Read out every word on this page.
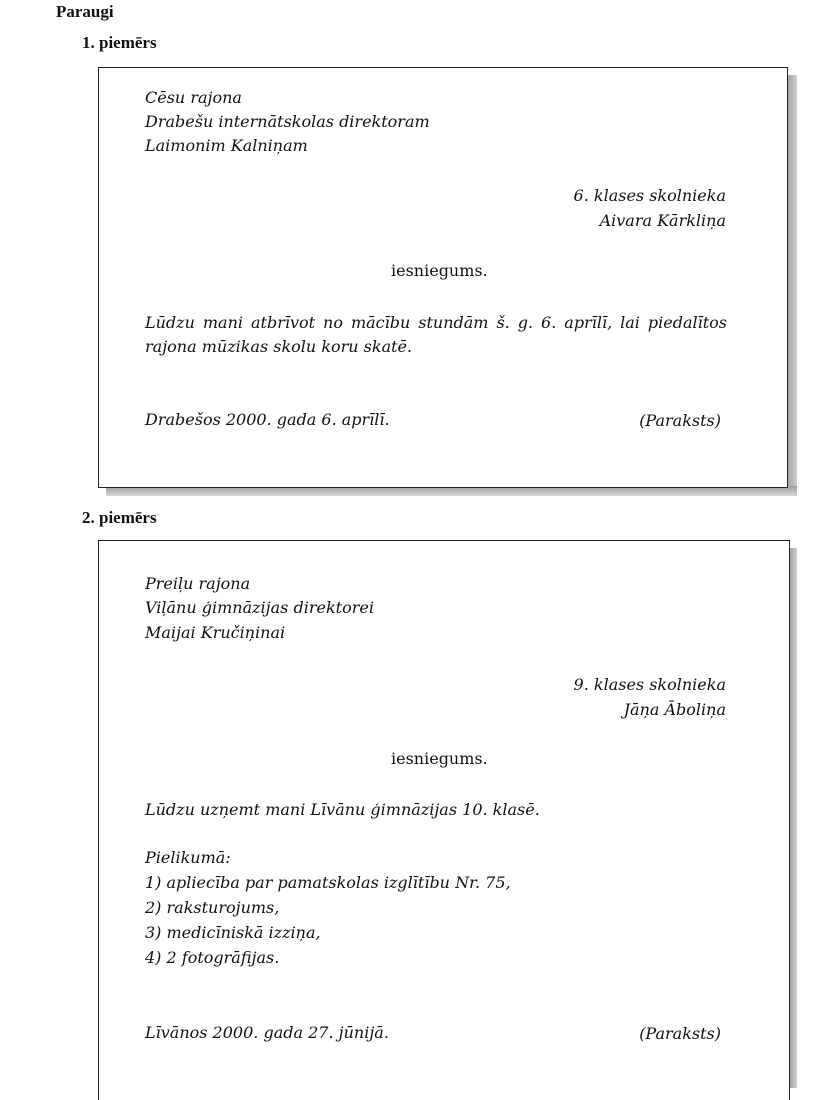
Paraugi
1. piemērs
Cēsu rajona
Drabešu internātskolas direktoram
Laimonim Kalniņam
6. klases skolnieka
Aivara Kārkliņa
iesniegums.
Lūdzu mani atbrīvot no mācību stundām š. g. 6. aprīlī, lai piedalītos
rajona mūzikas skolu koru skatē.
Drabešos 2000. gada 6. aprīlī.	(Paraksts)
2. piemērs
Preiļu rajona
Viļānu ģimnāzijas direktorei
Maijai Kručiņinai
9. klases skolnieka
Jāņa Āboliņa
iesniegums.
Lūdzu uzņemt mani Līvānu ģimnāzijas 10. klasē.
Pielikumā:
1) apliecība par pamatskolas izglītību Nr. 75,
2) raksturojums,
3) medicīniskā izziņa,
4) 2 fotogrāfijas.
Līvānos 2000. gada 27. jūnijā.	(Paraksts)
